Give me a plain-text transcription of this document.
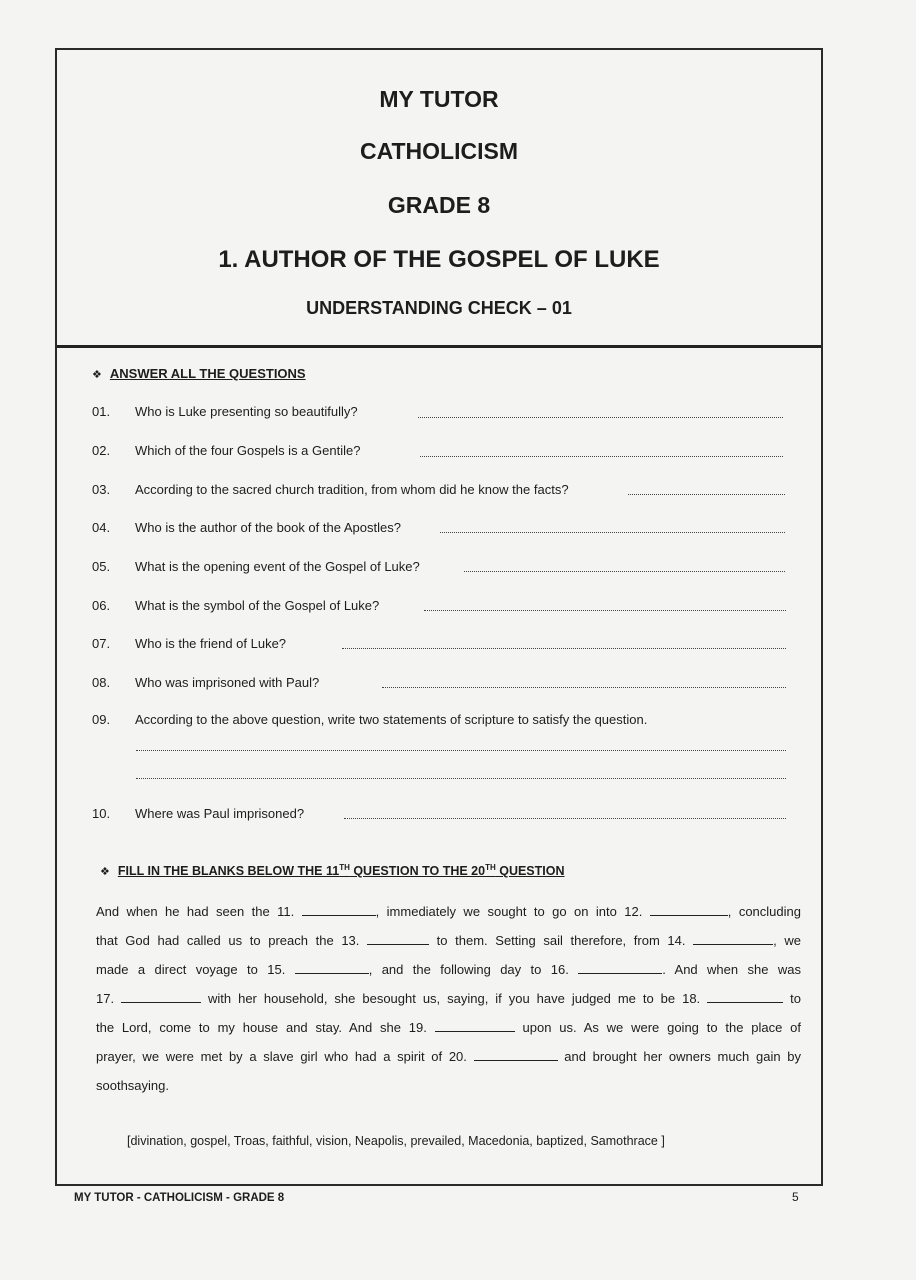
MY TUTOR
CATHOLICISM
GRADE 8
1. AUTHOR OF THE GOSPEL OF LUKE
UNDERSTANDING CHECK – 01
❖ ANSWER ALL THE QUESTIONS
01.	Who is Luke presenting so beautifully?
02.	Which of the four Gospels is a Gentile?
03.	According to the sacred church tradition, from whom did he know the facts?
04.	Who is the author of the book of the Apostles?
05.	What is the opening event of the Gospel of Luke?
06.	What is the symbol of the Gospel of Luke?
07.	Who is the friend of Luke?
08.	Who was imprisoned with Paul?
09.	According to the above question, write two statements of scripture to satisfy the question.
10.	Where was Paul imprisoned?
❖ FILL IN THE BLANKS BELOW THE 11TH QUESTION TO THE 20TH QUESTION
And when he had seen the 11.	, immediately we sought to go on into 12.	, concluding
that God had called us to preach the 13.	to them. Setting sail therefore, from 14.	, we
made a direct voyage to 15.	, and the following day to 16.	. And when she was
17.	with her household, she besought us, saying, if you have judged me to be 18.	to
the Lord, come to my house and stay. And she 19.	upon us. As we were going to the place of
prayer, we were met by a slave girl who had a spirit of 20.	and brought her owners much gain by
soothsaying.
[divination, gospel, Troas, faithful, vision, Neapolis, prevailed, Macedonia, baptized, Samothrace ]
MY TUTOR - CATHOLICISM - GRADE 8	5
